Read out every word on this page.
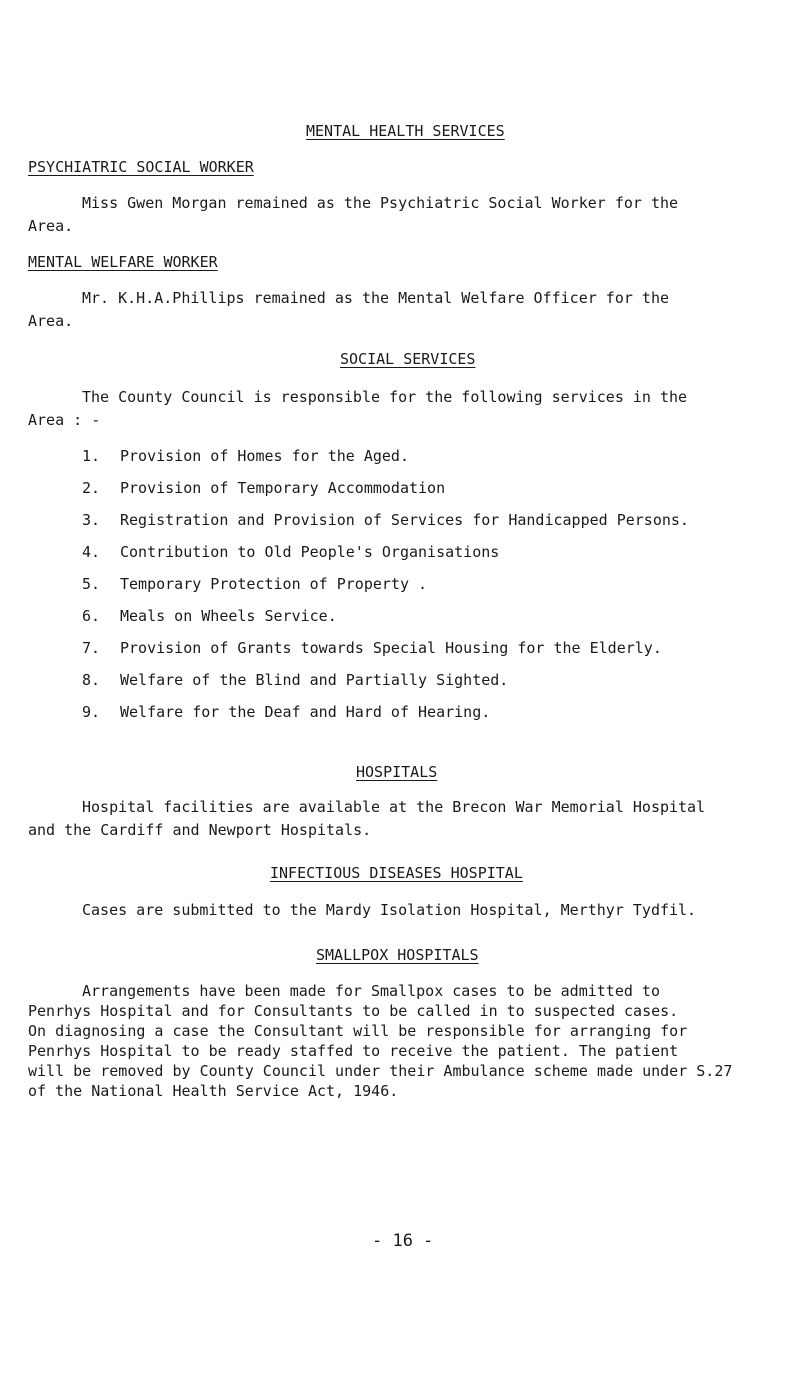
MENTAL HEALTH SERVICES
PSYCHIATRIC SOCIAL WORKER
Miss Gwen Morgan remained as the Psychiatric Social Worker for the
Area.
MENTAL WELFARE WORKER
Mr. K.H.A.Phillips remained as the Mental Welfare Officer for the
Area.
SOCIAL SERVICES
The County Council is responsible for the following services in the
Area : -
1. Provision of Homes for the Aged.
2. Provision of Temporary Accommodation
3. Registration and Provision of Services for Handicapped Persons.
4. Contribution to Old People's Organisations
5. Temporary Protection of Property .
6. Meals on Wheels Service.
7. Provision of Grants towards Special Housing for the Elderly.
8. Welfare of the Blind and Partially Sighted.
9. Welfare for the Deaf and Hard of Hearing.
HOSPITALS
Hospital facilities are available at the Brecon War Memorial Hospital
and the Cardiff and Newport Hospitals.
INFECTIOUS DISEASES HOSPITAL
Cases are submitted to the Mardy Isolation Hospital, Merthyr Tydfil.
SMALLPOX HOSPITALS
Arrangements have been made for Smallpox cases to be admitted to
Penrhys Hospital and for Consultants to be called in to suspected cases.
On diagnosing a case the Consultant will be responsible for arranging for
Penrhys Hospital to be ready staffed to receive the patient. The patient
will be removed by County Council under their Ambulance scheme made under S.27
of the National Health Service Act, 1946.
- 16 -
